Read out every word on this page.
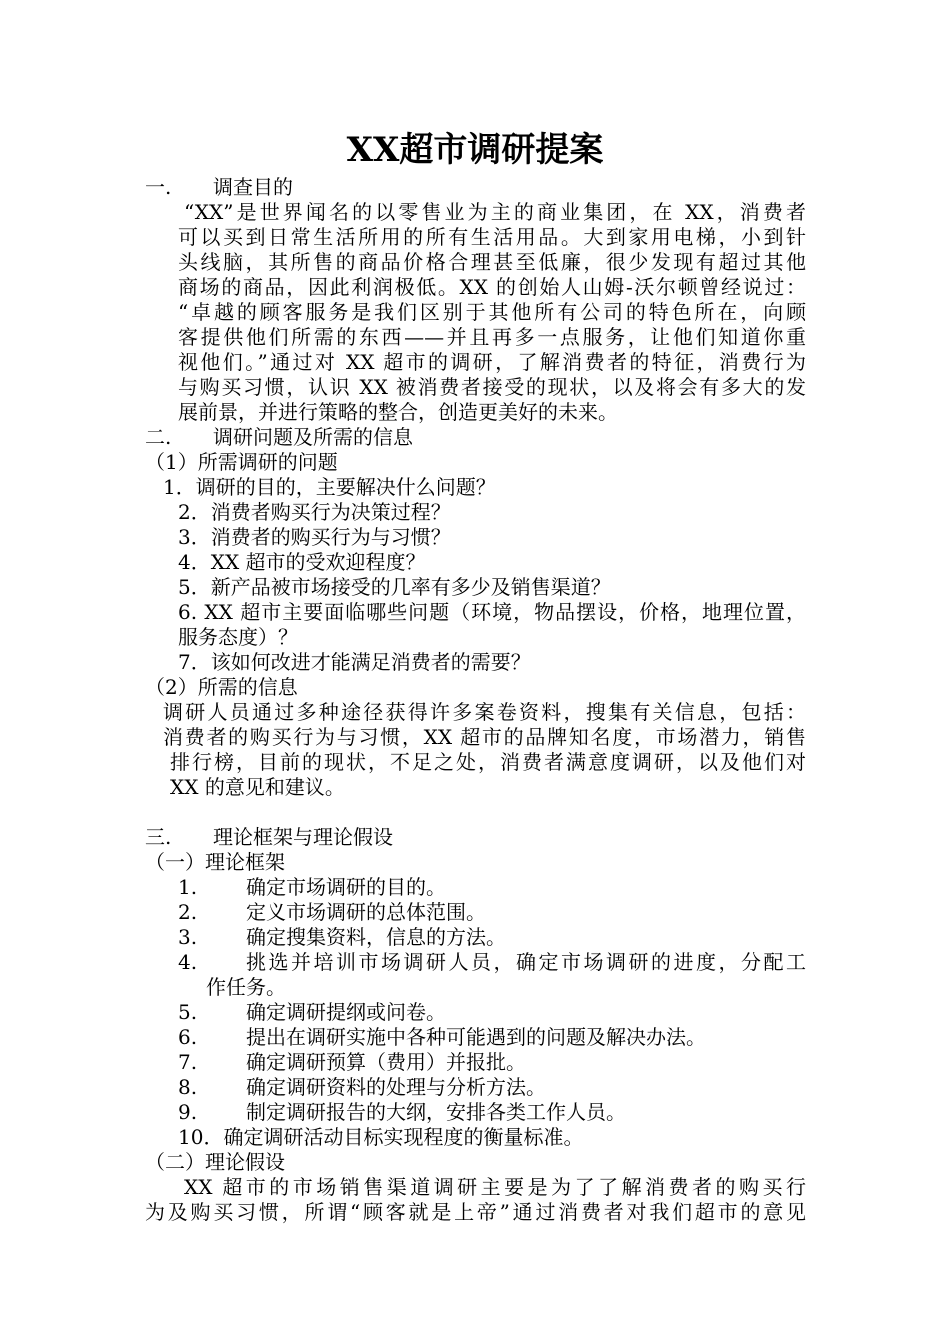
XX超市调研提案
一. 调查目的
“XX”是世界闻名的以零售业为主的商业集团，在 XX，消费者
可以买到日常生活所用的所有生活用品。大到家用电梯，小到针
头线脑，其所售的商品价格合理甚至低廉，很少发现有超过其他
商场的商品，因此利润极低。XX 的创始人山姆-沃尔顿曾经说过：
“卓越的顾客服务是我们区别于其他所有公司的特色所在，向顾
客提供他们所需的东西——并且再多一点服务，让他们知道你重
视他们。”通过对 XX 超市的调研，了解消费者的特征，消费行为
与购买习惯，认识 XX 被消费者接受的现状，以及将会有多大的发
展前景，并进行策略的整合，创造更美好的未来。
二. 调研问题及所需的信息
（1）所需调研的问题
1．调研的目的，主要解决什么问题？
2．消费者购买行为决策过程？
3．消费者的购买行为与习惯？
4．XX 超市的受欢迎程度？
5．新产品被市场接受的几率有多少及销售渠道？
6. XX 超市主要面临哪些问题（环境，物品摆设，价格，地理位置，
服务态度）？
7．该如何改进才能满足消费者的需要？
（2）所需的信息
调研人员通过多种途径获得许多案卷资料，搜集有关信息，包括：
消费者的购买行为与习惯，XX 超市的品牌知名度，市场潜力，销售
排行榜，目前的现状，不足之处，消费者满意度调研，以及他们对
XX 的意见和建议。
三. 理论框架与理论假设
（一）理论框架
1. 确定市场调研的目的。
2. 定义市场调研的总体范围。
3. 确定搜集资料，信息的方法。
4.	挑选并培训市场调研人员，确定市场调研的进度，分配工
作任务。
5. 确定调研提纲或问卷。
6. 提出在调研实施中各种可能遇到的问题及解决办法。
7. 确定调研预算（费用）并报批。
8. 确定调研资料的处理与分析方法。
9. 制定调研报告的大纲，安排各类工作人员。
10．确定调研活动目标实现程度的衡量标准。
（二）理论假设
XX 超市的市场销售渠道调研主要是为了了解消费者的购买行
为及购买习惯，所谓“顾客就是上帝”通过消费者对我们超市的意见
